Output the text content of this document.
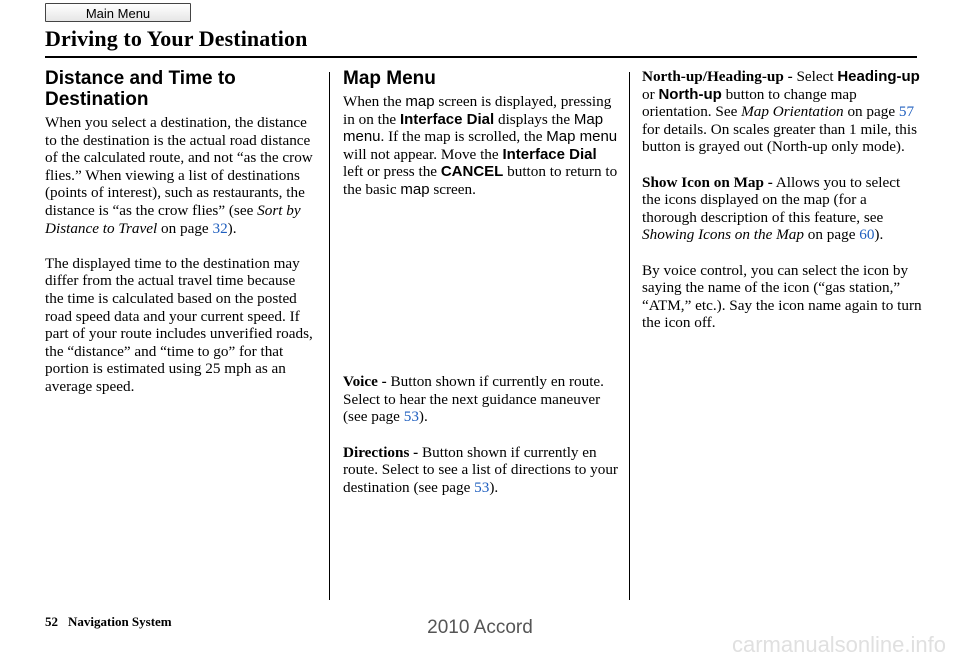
Main Menu
Driving to Your Destination
Distance and Time to Destination

When you select a destination, the distance to the destination is the actual road distance of the calculated route, and not “as the crow flies.” When viewing a list of destinations (points of interest), such as restaurants, the distance is “as the crow flies” (see Sort by Distance to Travel on page 32).

The displayed time to the destination may differ from the actual travel time because the time is calculated based on the posted road speed data and your current speed. If part of your route includes unverified roads, the “distance” and “time to go” for that portion is estimated using 25 mph as an average speed.

Map Menu

When the map screen is displayed, pressing in on the Interface Dial displays the Map menu. If the map is scrolled, the Map menu will not appear. Move the Interface Dial left or press the CANCEL button to return to the basic map screen.

Voice - Button shown if currently en route. Select to hear the next guidance maneuver (see page 53).

Directions - Button shown if currently en route. Select to see a list of directions to your destination (see page 53).

North-up/Heading-up - Select Heading-up or North-up button to change map orientation. See Map Orientation on page 57 for details. On scales greater than 1 mile, this button is grayed out (North-up only mode).

Show Icon on Map - Allows you to select the icons displayed on the map (for a thorough description of this feature, see Showing Icons on the Map on page 60).

By voice control, you can select the icon by saying the name of the icon (“gas station,” “ATM,” etc.). Say the icon name again to turn the icon off.

52 Navigation System	2010 Accord
carmanualsonline.info
